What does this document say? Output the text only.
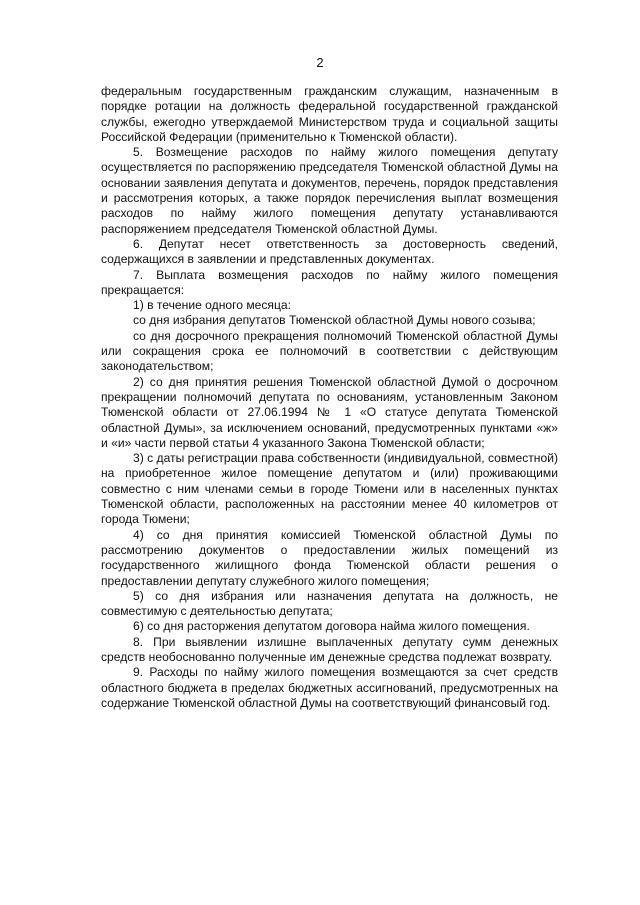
2

федеральным государственным гражданским служащим, назначенным в порядке ротации на должность федеральной государственной гражданской службы, ежегодно утверждаемой Министерством труда и социальной защиты Российской Федерации (применительно к Тюменской области).

5. Возмещение расходов по найму жилого помещения депутату осуществляется по распоряжению председателя Тюменской областной Думы на основании заявления депутата и документов, перечень, порядок представления и рассмотрения которых, а также порядок перечисления выплат возмещения расходов по найму жилого помещения депутату устанавливаются распоряжением председателя Тюменской областной Думы.

6. Депутат несет ответственность за достоверность сведений, содержащихся в заявлении и представленных документах.

7. Выплата возмещения расходов по найму жилого помещения прекращается:

1) в течение одного месяца:

со дня избрания депутатов Тюменской областной Думы нового созыва;

со дня досрочного прекращения полномочий Тюменской областной Думы или сокращения срока ее полномочий в соответствии с действующим законодательством;

2) со дня принятия решения Тюменской областной Думой о досрочном прекращении полномочий депутата по основаниям, установленным Законом Тюменской области от 27.06.1994 № 1 «О статусе депутата Тюменской областной Думы», за исключением оснований, предусмотренных пунктами «ж» и «и» части первой статьи 4 указанного Закона Тюменской области;

3) с даты регистрации права собственности (индивидуальной, совместной) на приобретенное жилое помещение депутатом и (или) проживающими совместно с ним членами семьи в городе Тюмени или в населенных пунктах Тюменской области, расположенных на расстоянии менее 40 километров от города Тюмени;

4) со дня принятия комиссией Тюменской областной Думы по рассмотрению документов о предоставлении жилых помещений из государственного жилищного фонда Тюменской области решения о предоставлении депутату служебного жилого помещения;

5) со дня избрания или назначения депутата на должность, не совместимую с деятельностью депутата;

6) со дня расторжения депутатом договора найма жилого помещения.

8. При выявлении излишне выплаченных депутату сумм денежных средств необоснованно полученные им денежные средства подлежат возврату.

9. Расходы по найму жилого помещения возмещаются за счет средств областного бюджета в пределах бюджетных ассигнований, предусмотренных на содержание Тюменской областной Думы на соответствующий финансовый год.
